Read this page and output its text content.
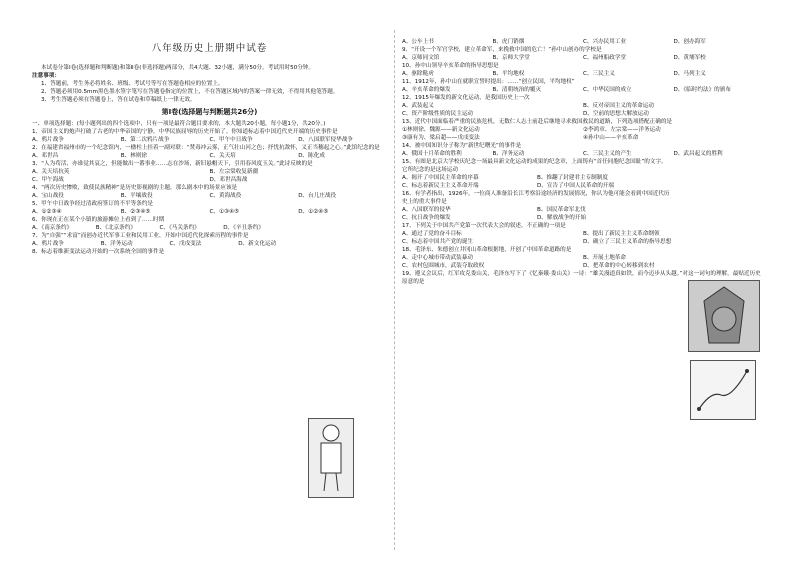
八年级历史上册期中试卷

本试卷分第Ⅰ卷(选择题和判断题)和第Ⅱ卷(非选择题)两部分，共4大题、32小题，满分50分。考试用时50分钟。

注意事项：

1、答题前，考生务必将姓名、班级、考试号等写在答题卷相应的位置上。

2、答题必须用0.5mm黑色墨水签字笔写在答题卷指定的位置上，不在答题区域内的答案一律无效，不得用其他笔答题。

3、考生答题必须在答题卷上，答在试卷和草稿纸上一律无效。

第Ⅰ卷(选择题与判断题共26分)

一、单项选择题：(每小题列出的四个选项中，只有一项是最符合题目要求的，本大题共20小题，每小题1分，共20分。)

1、帝国主义的炮声打破了古老的中华帝国的宁静，中华民族屈辱的历史开始了。你知道标志着中国近代史开端的历史事件是

A、鸦片战争	B、第二次鸦片战争	C、甲午中日战争	D、八国联军侵华战争

2、在福建省福州市的一个纪念馆内，一楹柱上挂着一副对联：“焚毒冲云雾，正气壮山河之色；抒忧抗敌怀，义正当穗起之心。”此馆纪念的是

A、邓世昌	B、林则徐	C、关天培	D、陈化成

3、“人为苟活，亦谁觉其哀之，但能做出一番事业……志在沙场，新旧悬帽天下，引用春风度玉关。”此诗反映的是

A、关天培抗英	B、左宗棠收复新疆
C、甲午海战	D、邓世昌海战

4、“两次历史惨败，致使民族精神”是历史影视剧的主题，那么剧本中的场景应该是

A、宝山战役	B、平壤战役	C、黄海战役	D、台儿庄战役

5、甲午中日战争经过清政府签订的不平等条约是

A、①②③④	B、②③④⑤	C、①③④⑤	D、①②④⑤

6、你现在正在某个小镇的旅游摊位上看到了……时期

A、《南京条约》	B、《北京条约》	C、《马关条约》	D、《辛丑条约》

7、为“自强”“求富”而创办近代军事工业和民用工业，开始中国近代化探索历程的事件是

A、鸦片战争	B、洋务运动	C、戊戌变法	D、新文化运动

8、标志着维新变法运动开始的一次系统全国的事件是

A、公车上书	B、虎门销烟	C、兴办民用工业	D、创办海军

9、“开设一个军官学校，建立革命军，来挽救中国的危亡！”孙中山创办的学校是

A、京师同文馆	B、京师大学堂	C、福州船政学堂	D、黄埔军校

10、孙中山领导辛亥革命的指导思想是

A、驱除鞑虏	B、平均地权	C、三民主义	D、马列主义

11、1912年，孙中山在就职宣誓时提出：……“创立民国，平均地权”

A、辛亥革命的爆发	B、清朝统治的覆灭	C、中华民国的成立	D、《临时约法》的颁布

12、1915年爆发的新文化运动，是我国历史上一次

A、武装起义	B、反对帝国主义的革命运动
C、资产阶级性质的民主运动	D、空前的思想大解放运动

13、近代中国面临着严重的民族危机，无数仁人志士前赴后继地寻求救国救民的道路，下列选项搭配正确的是

①林则徐、魏源——新文化运动	②李鸿章、左宗棠——洋务运动
③康有为、梁启超——戊戌变法	④孙中山——辛亥革命

14、被中国知识分子称为“新世纪曙光”的事件是

A、俄国十月革命的胜利	B、洋务运动	C、三民主义的产生	D、武昌起义的胜利

15、有图是北京大学校庆纪念一场最具新文化运动的成果的纪念章，上面铸有“首任同胞纪念国耻”的文字。它所纪念的是这场运动

A、揭开了中国民主革命的序幕	B、推翻了封建君主专制制度
C、标志着新民主主义革命开端	D、宣告了中国人民革命的开端

16、有学者指出，1926年，一位商人准备沿长江考察沿途经济的发展情况，你认为他可能会看到中国近代历史上的重大事件是

A、八国联军的侵华	B、国民革命军北伐
C、抗日战争的爆发	D、解放战争的开始

17、下列关于中国共产党第一次代表大会的叙述，不正确的一项是

A、通过了党的奋斗目标	B、提出了新民主主义革命纲领
C、标志着中国共产党的诞生	D、确立了三民主义革命的指导思想

18、毛泽东、朱德创立井冈山革命根据地，开创了中国革命道路的是

A、走中心城市带动武装暴动	B、开展土地革命
C、农村包围城市，武装夺取政权	D、把革命的中心转移到农村

19、遵义会议后，红军攻克娄山关，毛泽东写下了《忆秦娥·娄山关》一诗：“雄关漫道真如铁，而今迈步从头越。”对这一词句的理解，最贴近历史原意的是
